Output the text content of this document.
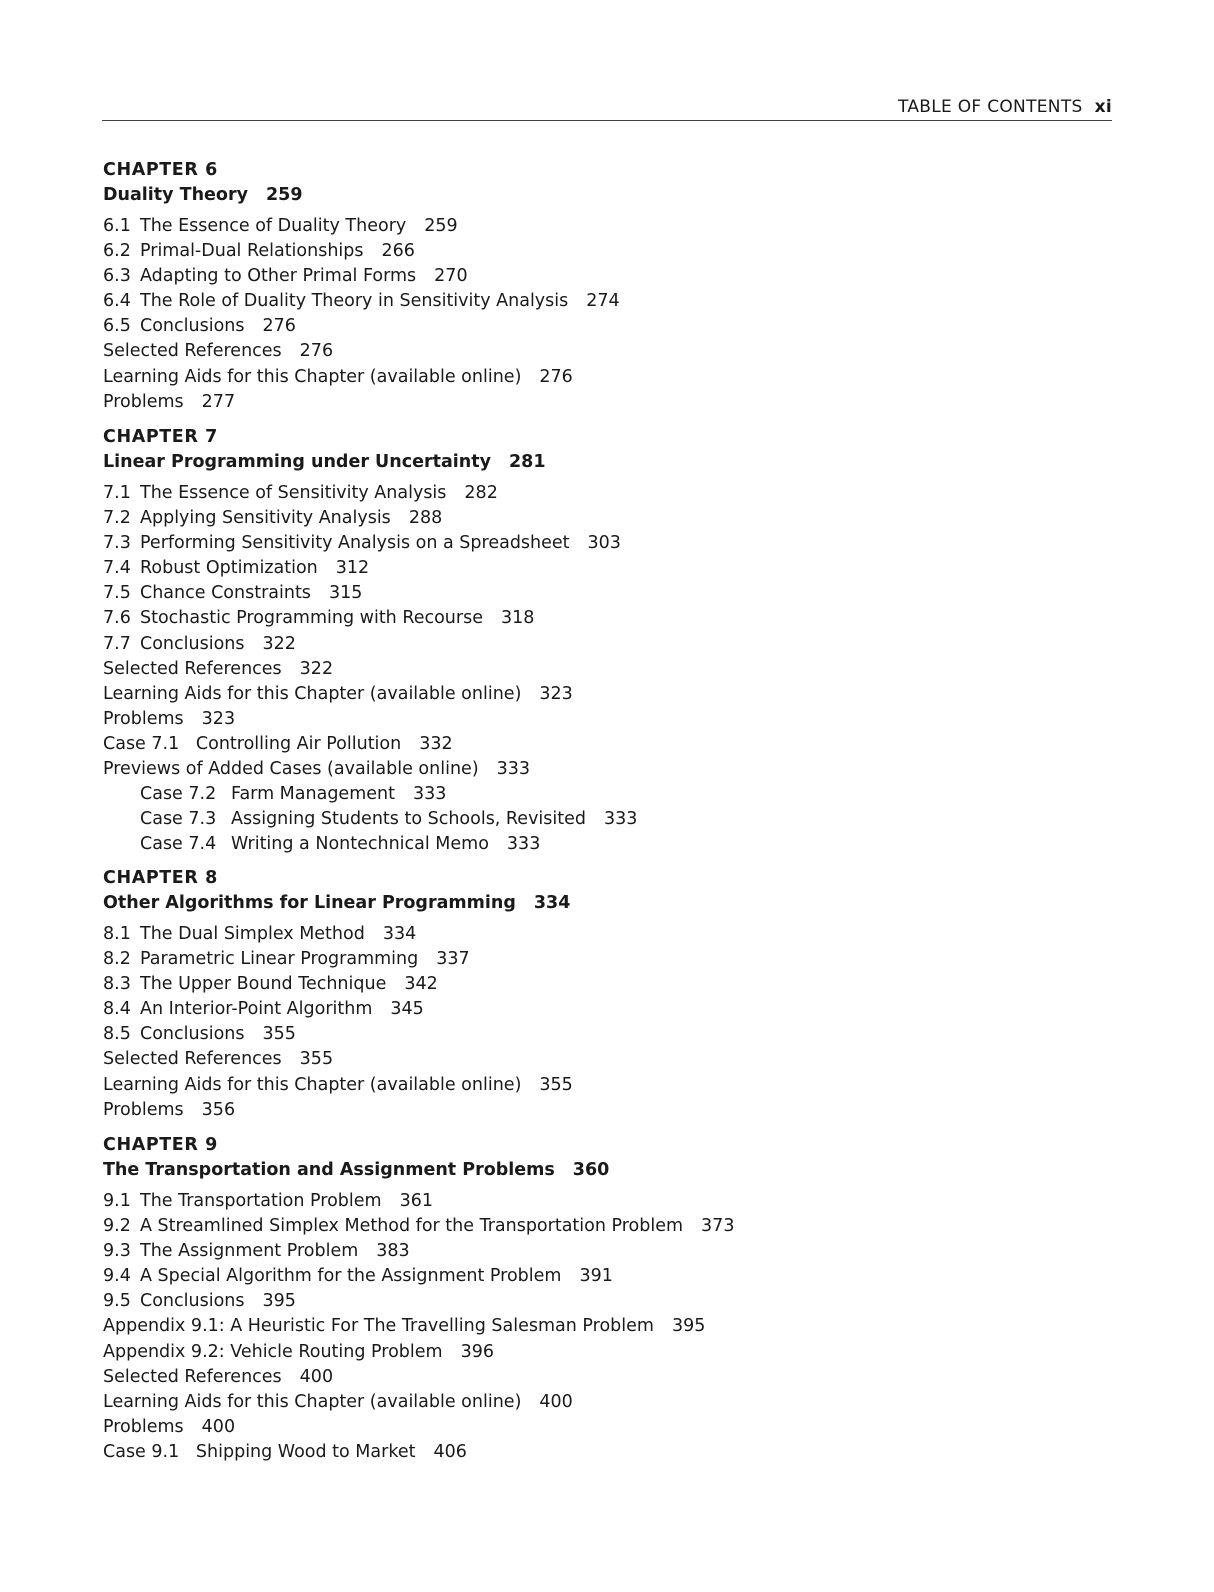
TABLE OF CONTENTS xi
CHAPTER 6
Duality Theory 259
6.1 The Essence of Duality Theory 259
6.2 Primal-Dual Relationships 266
6.3 Adapting to Other Primal Forms 270
6.4 The Role of Duality Theory in Sensitivity Analysis 274
6.5 Conclusions 276
Selected References 276
Learning Aids for this Chapter (available online) 276
Problems 277
CHAPTER 7
Linear Programming under Uncertainty 281
7.1 The Essence of Sensitivity Analysis 282
7.2 Applying Sensitivity Analysis 288
7.3 Performing Sensitivity Analysis on a Spreadsheet 303
7.4 Robust Optimization 312
7.5 Chance Constraints 315
7.6 Stochastic Programming with Recourse 318
7.7 Conclusions 322
Selected References 322
Learning Aids for this Chapter (available online) 323
Problems 323
Case 7.1   Controlling Air Pollution 332
Previews of Added Cases (available online) 333
Case 7.2 Farm Management 333
Case 7.3 Assigning Students to Schools, Revisited 333
Case 7.4 Writing a Nontechnical Memo 333
CHAPTER 8
Other Algorithms for Linear Programming 334
8.1 The Dual Simplex Method 334
8.2 Parametric Linear Programming 337
8.3 The Upper Bound Technique 342
8.4 An Interior-Point Algorithm 345
8.5 Conclusions 355
Selected References 355
Learning Aids for this Chapter (available online) 355
Problems 356
CHAPTER 9
The Transportation and Assignment Problems 360
9.1 The Transportation Problem 361
9.2 A Streamlined Simplex Method for the Transportation Problem 373
9.3 The Assignment Problem 383
9.4 A Special Algorithm for the Assignment Problem 391
9.5 Conclusions 395
Appendix 9.1: A Heuristic For The Travelling Salesman Problem 395
Appendix 9.2: Vehicle Routing Problem 396
Selected References 400
Learning Aids for this Chapter (available online) 400
Problems 400
Case 9.1   Shipping Wood to Market 406
